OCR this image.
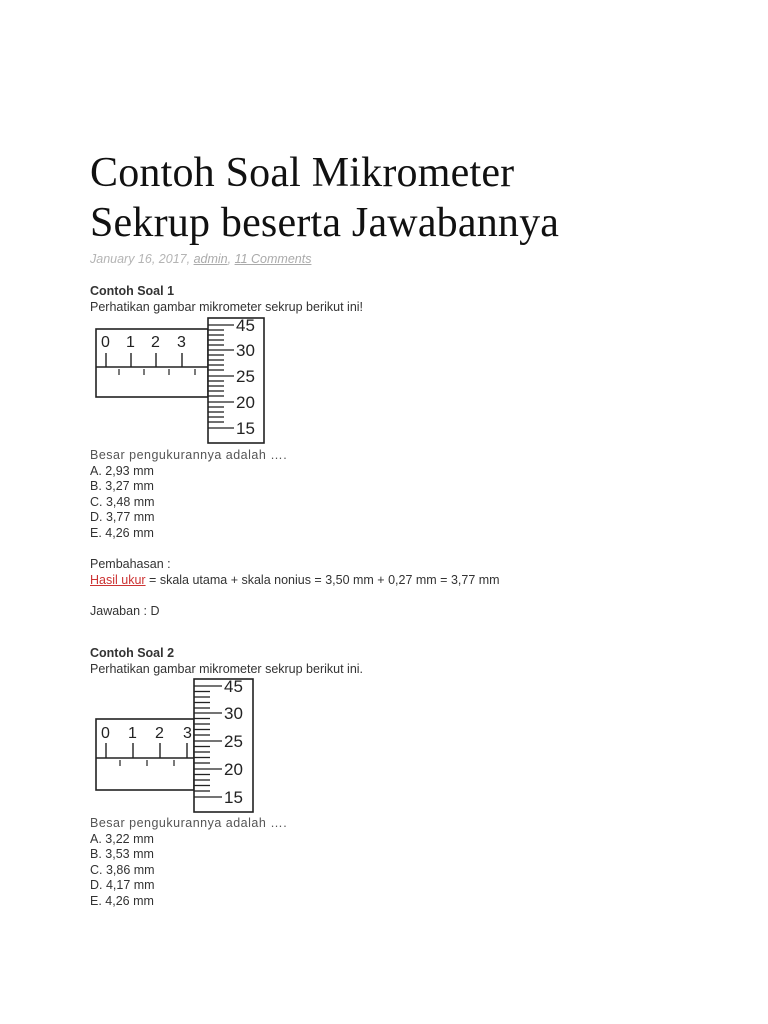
Contoh Soal Mikrometer
Sekrup beserta Jawabannya
January 16, 2017, admin, 11 Comments
Contoh Soal 1
Perhatikan gambar mikrometer sekrup berikut ini!
0 1 2 3
45
30
25
20
15
Besar pengukurannya adalah ….
A. 2,93 mm
B. 3,27 mm
C. 3,48 mm
D. 3,77 mm
E. 4,26 mm
Pembahasan :
Hasil ukur = skala utama + skala nonius = 3,50 mm + 0,27 mm = 3,77 mm
Jawaban : D
Contoh Soal 2
Perhatikan gambar mikrometer sekrup berikut ini.
0 1 2 3
45
30
25
20
15
Besar pengukurannya adalah ….
A. 3,22 mm
B. 3,53 mm
C. 3,86 mm
D. 4,17 mm
E. 4,26 mm
